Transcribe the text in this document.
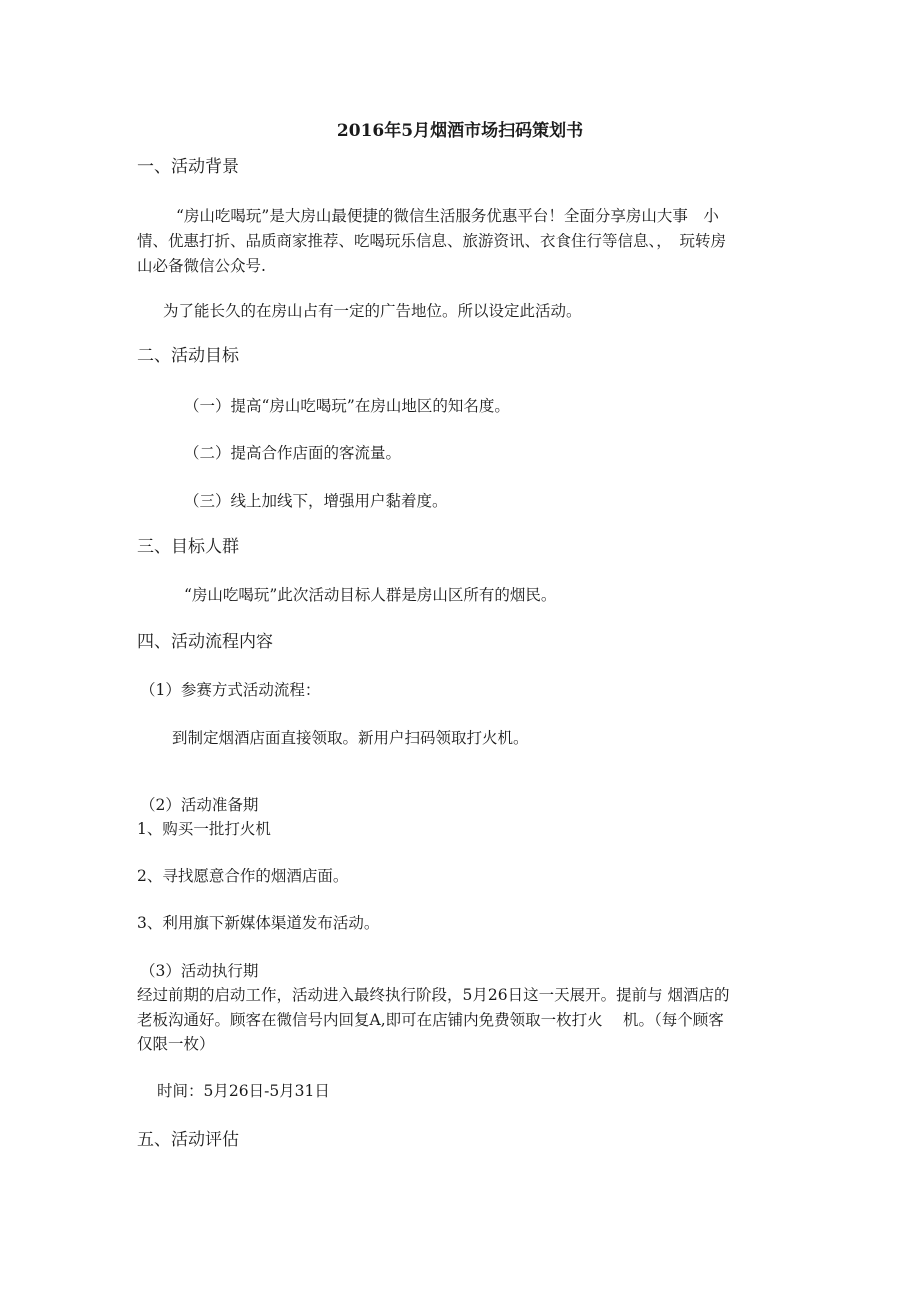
2016年5月烟酒市场扫码策划书
一、活动背景
“房山吃喝玩”是大房山最便捷的微信生活服务优惠平台！全面分享房山大事　小
情、优惠打折、品质商家推荐、吃喝玩乐信息、旅游资讯、衣食住行等信息、，　玩转房
山必备微信公众号.
为了能长久的在房山占有一定的广告地位。所以设定此活动。
二、活动目标
（一）提高“房山吃喝玩”在房山地区的知名度。
（二）提高合作店面的客流量。
（三）线上加线下，增强用户黏着度。
三、目标人群
“房山吃喝玩”此次活动目标人群是房山区所有的烟民。
四、活动流程内容
（1）参赛方式活动流程：
到制定烟酒店面直接领取。新用户扫码领取打火机。
（2）活动准备期
1、购买一批打火机
2、寻找愿意合作的烟酒店面。
3、利用旗下新媒体渠道发布活动。
（3）活动执行期
经过前期的启动工作，活动进入最终执行阶段，5月26日这一天展开。提前与 烟酒店的
老板沟通好。顾客在微信号内回复A,即可在店铺内免费领取一枚打火　 机。（每个顾客
仅限一枚）
时间：5月26日-5月31日
五、活动评估
